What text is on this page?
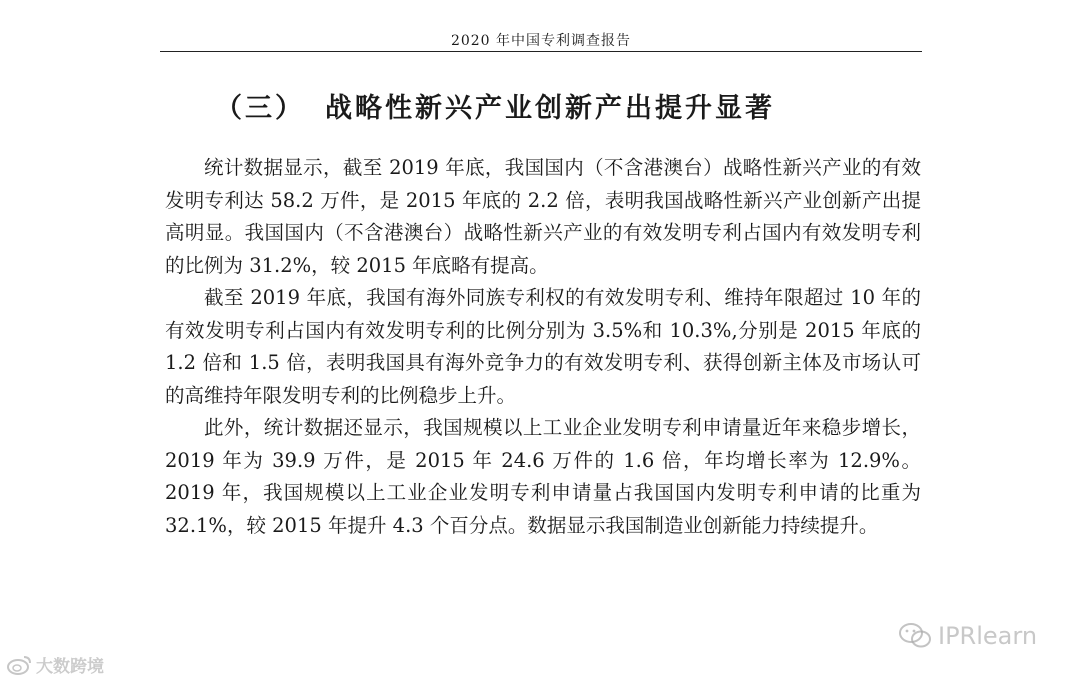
2020 年中国专利调查报告
（三） 战略性新兴产业创新产出提升显著

统计数据显示，截至 2019 年底，我国国内（不含港澳台）战略性新兴产业的有效发明专利达 58.2 万件，是 2015 年底的 2.2 倍，表明我国战略性新兴产业创新产出提高明显。我国国内（不含港澳台）战略性新兴产业的有效发明专利占国内有效发明专利的比例为 31.2%，较 2015 年底略有提高。

截至 2019 年底，我国有海外同族专利权的有效发明专利、维持年限超过 10 年的有效发明专利占国内有效发明专利的比例分别为 3.5%和 10.3%,分别是 2015 年底的 1.2 倍和 1.5 倍，表明我国具有海外竞争力的有效发明专利、获得创新主体及市场认可的高维持年限发明专利的比例稳步上升。

此外，统计数据还显示，我国规模以上工业企业发明专利申请量近年来稳步增长，2019 年为 39.9 万件，是 2015 年 24.6 万件的 1.6 倍，年均增长率为 12.9%。2019 年，我国规模以上工业企业发明专利申请量占我国国内发明专利申请的比重为 32.1%，较 2015 年提升 4.3 个百分点。数据显示我国制造业创新能力持续提升。

大数跨境
IPRlearn
